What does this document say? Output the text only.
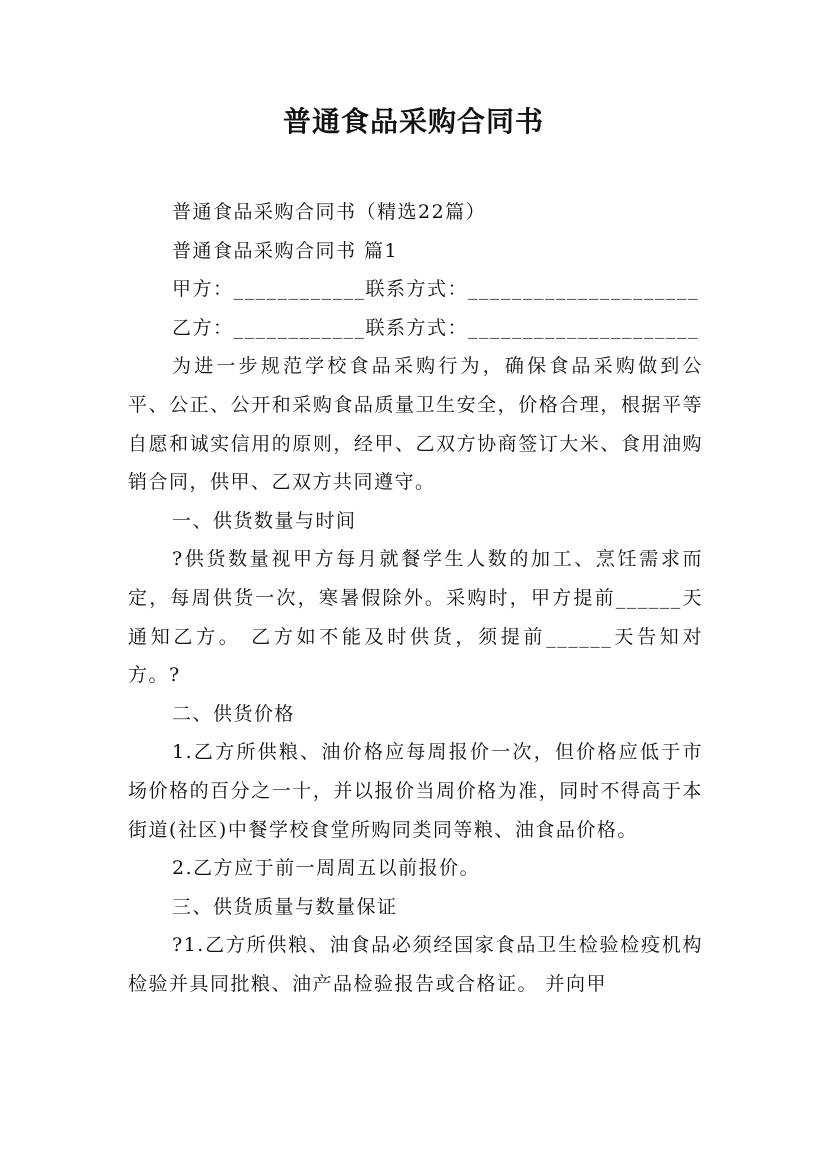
普通食品采购合同书

普通食品采购合同书（精选22篇）

普通食品采购合同书 篇1

甲方：____________联系方式：_____________________

乙方：____________联系方式：_____________________

为进一步规范学校食品采购行为，确保食品采购做到公平、公正、公开和采购食品质量卫生安全，价格合理，根据平等自愿和诚实信用的原则，经甲、乙双方协商签订大米、食用油购销合同，供甲、乙双方共同遵守。

一、供货数量与时间

?供货数量视甲方每月就餐学生人数的加工、烹饪需求而定，每周供货一次，寒暑假除外。采购时，甲方提前______天通知乙方。 乙方如不能及时供货，须提前______天告知对方。?

二、供货价格

1.乙方所供粮、油价格应每周报价一次，但价格应低于市场价格的百分之一十，并以报价当周价格为准，同时不得高于本街道(社区)中餐学校食堂所购同类同等粮、油食品价格。

2.乙方应于前一周周五以前报价。

三、供货质量与数量保证

?1.乙方所供粮、油食品必须经国家食品卫生检验检疫机构检验并具同批粮、油产品检验报告或合格证。 并向甲
